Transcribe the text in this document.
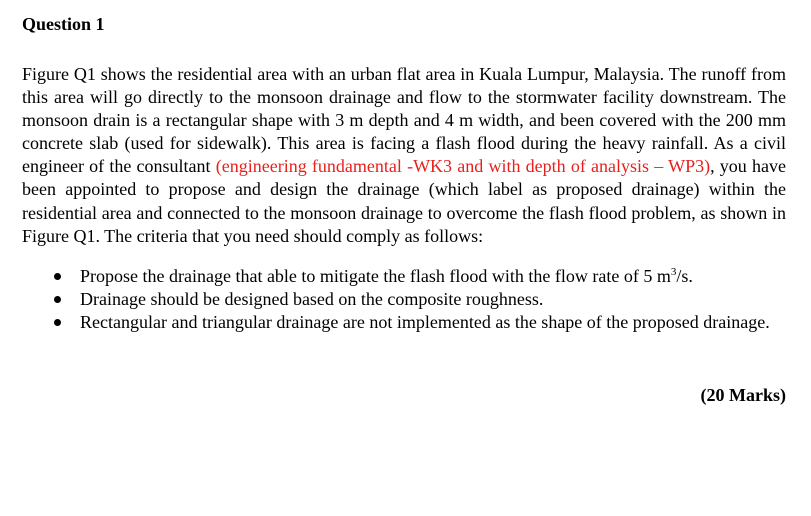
Question 1
Figure Q1 shows the residential area with an urban flat area in Kuala Lumpur, Malaysia. The runoff from this area will go directly to the monsoon drainage and flow to the stormwater facility downstream. The monsoon drain is a rectangular shape with 3 m depth and 4 m width, and been covered with the 200 mm concrete slab (used for sidewalk). This area is facing a flash flood during the heavy rainfall. As a civil engineer of the consultant (engineering fundamental -WK3 and with depth of analysis – WP3), you have been appointed to propose and design the drainage (which label as proposed drainage) within the residential area and connected to the monsoon drainage to overcome the flash flood problem, as shown in Figure Q1. The criteria that you need should comply as follows:
Propose the drainage that able to mitigate the flash flood with the flow rate of 5 $m^3/s$.
Drainage should be designed based on the composite roughness.
Rectangular and triangular drainage are not implemented as the shape of the proposed drainage.
(20 Marks)
